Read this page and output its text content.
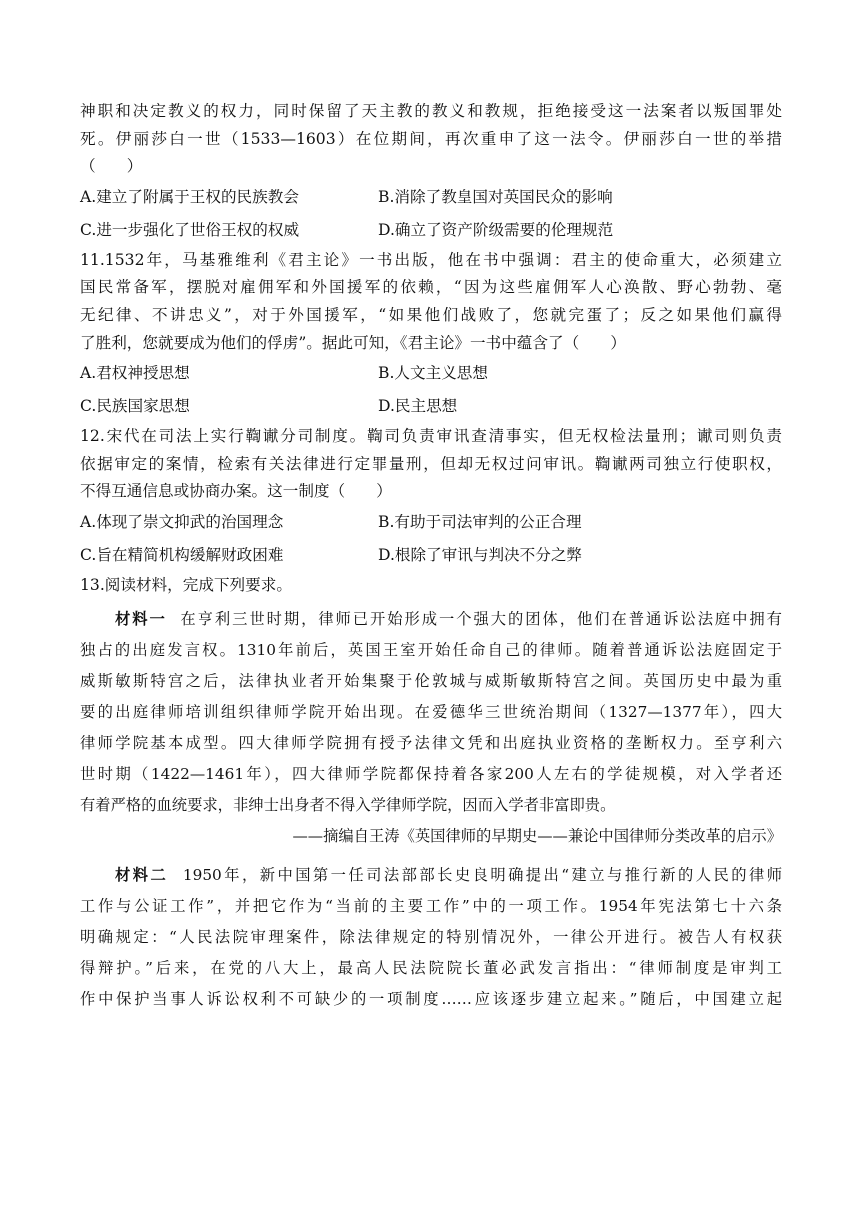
神职和决定教义的权力，同时保留了天主教的教义和教规，拒绝接受这一法案者以叛国罪处
死。伊丽莎白一世（1533—1603）在位期间，再次重申了这一法令。伊丽莎白一世的举措
（　　）
A.建立了附属于王权的民族教会	B.消除了教皇国对英国民众的影响
C.进一步强化了世俗王权的权威	D.确立了资产阶级需要的伦理规范
11.1532年，马基雅维利《君主论》一书出版，他在书中强调：君主的使命重大，必须建立
国民常备军，摆脱对雇佣军和外国援军的依赖，“因为这些雇佣军人心涣散、野心勃勃、毫
无纪律、不讲忠义”，对于外国援军，“如果他们战败了，您就完蛋了；反之如果他们赢得
了胜利，您就要成为他们的俘虏”。据此可知，《君主论》一书中蕴含了（　　）
A.君权神授思想	B.人文主义思想
C.民族国家思想	D.民主思想
12.宋代在司法上实行鞫谳分司制度。鞫司负责审讯查清事实，但无权检法量刑；谳司则负责
依据审定的案情，检索有关法律进行定罪量刑，但却无权过问审讯。鞫谳两司独立行使职权，
不得互通信息或协商办案。这一制度（　　）
A.体现了崇文抑武的治国理念	B.有助于司法审判的公正合理
C.旨在精简机构缓解财政困难	D.根除了审讯与判决不分之弊
13.阅读材料，完成下列要求。
材料一 在亨利三世时期，律师已开始形成一个强大的团体，他们在普通诉讼法庭中拥有
独占的出庭发言权。1310年前后，英国王室开始任命自己的律师。随着普通诉讼法庭固定于
威斯敏斯特宫之后，法律执业者开始集聚于伦敦城与威斯敏斯特宫之间。英国历史中最为重
要的出庭律师培训组织律师学院开始出现。在爱德华三世统治期间（1327—1377年），四大
律师学院基本成型。四大律师学院拥有授予法律文凭和出庭执业资格的垄断权力。至亨利六
世时期（1422—1461年），四大律师学院都保持着各家200人左右的学徒规模，对入学者还
有着严格的血统要求，非绅士出身者不得入学律师学院，因而入学者非富即贵。
——摘编自王涛《英国律师的早期史——兼论中国律师分类改革的启示》
材料二 1950年，新中国第一任司法部部长史良明确提出“建立与推行新的人民的律师
工作与公证工作”，并把它作为“当前的主要工作”中的一项工作。1954年宪法第七十六条
明确规定：“人民法院审理案件，除法律规定的特别情况外，一律公开进行。被告人有权获
得辩护。”后来，在党的八大上，最高人民法院院长董必武发言指出：“律师制度是审判工
作中保护当事人诉讼权利不可缺少的一项制度……应该逐步建立起来。”随后，中国建立起
